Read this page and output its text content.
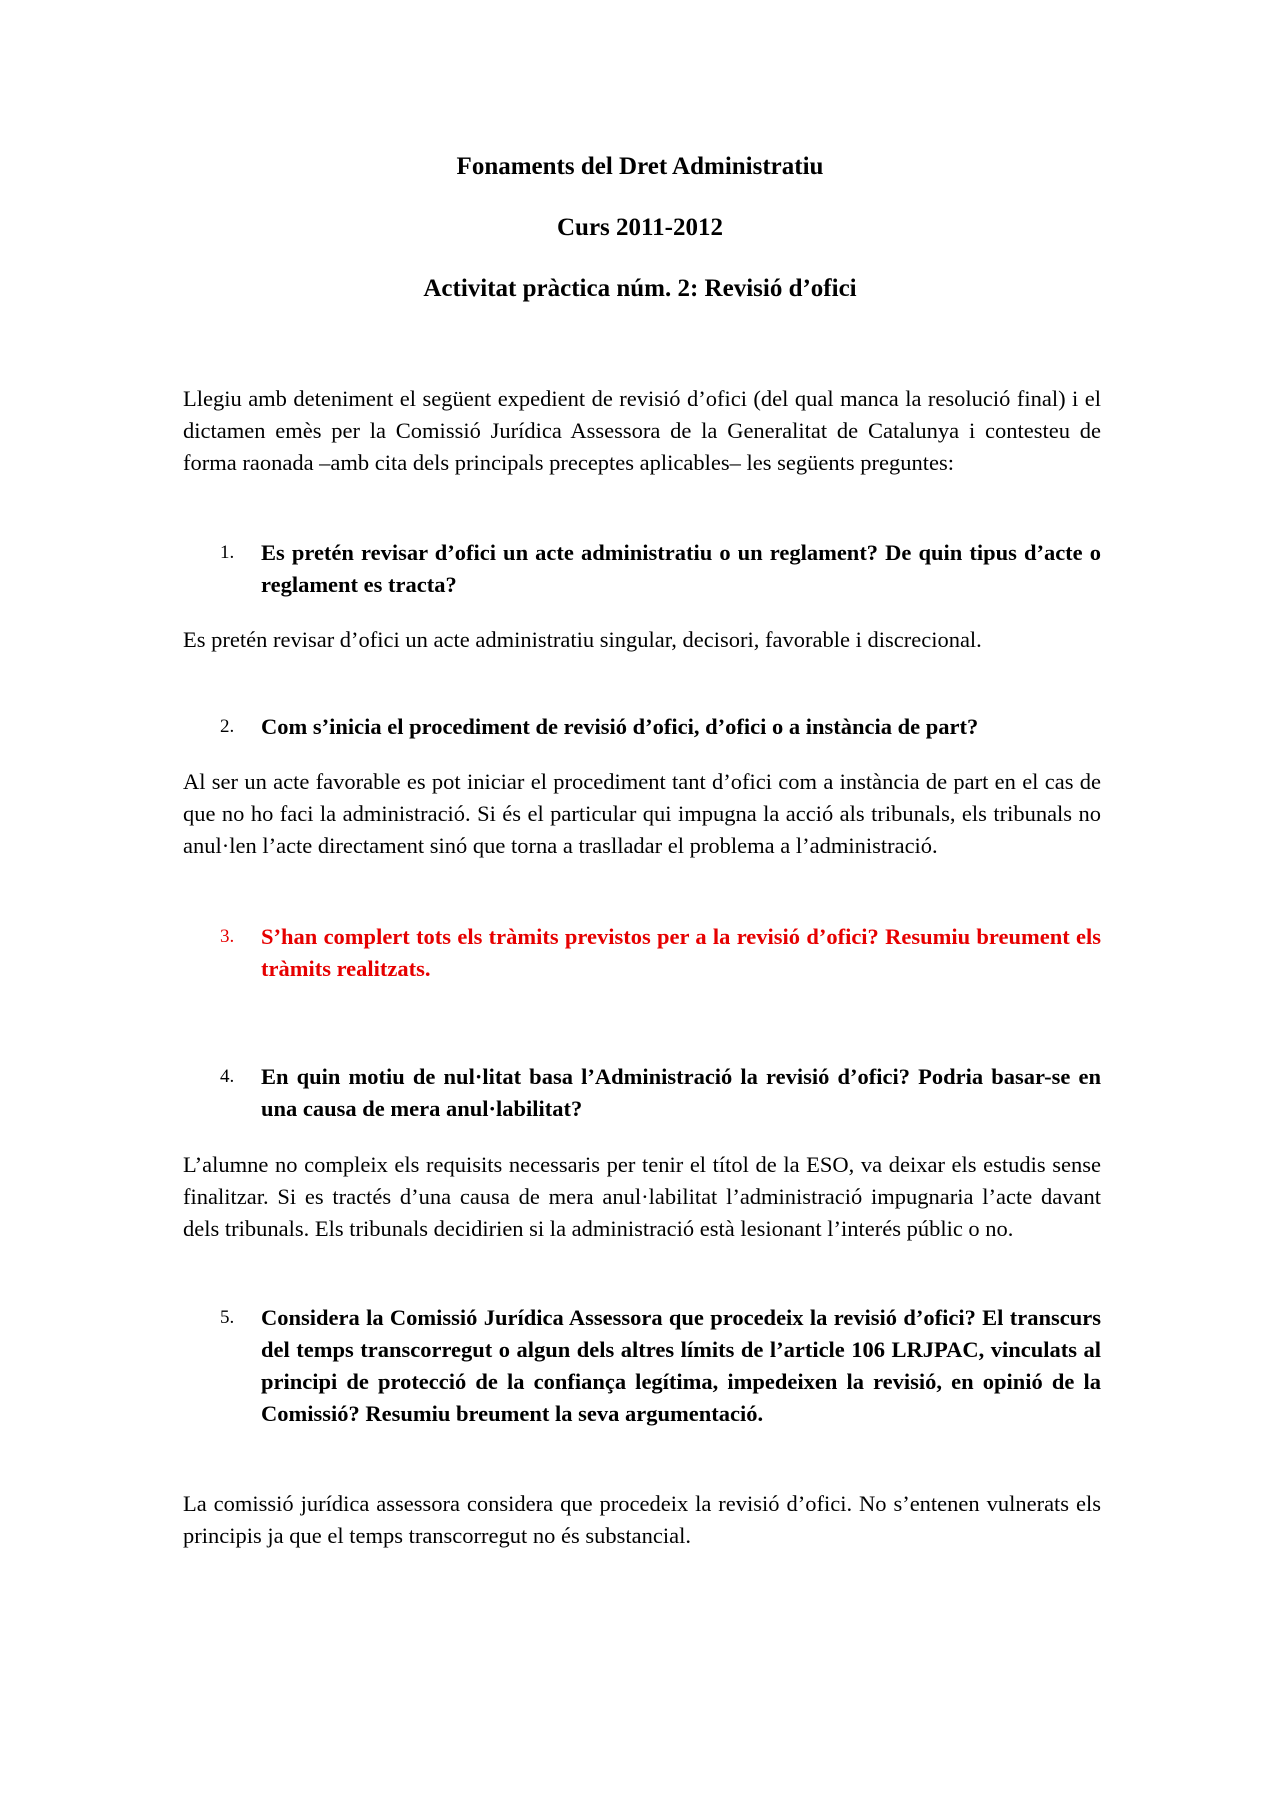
Fonaments del Dret Administratiu
Curs 2011-2012
Activitat pràctica núm. 2: Revisió d’ofici
Llegiu amb deteniment el següent expedient de revisió d’ofici (del qual manca la resolució final) i el dictamen emès per la Comissió Jurídica Assessora de la Generalitat de Catalunya i contesteu de forma raonada –amb cita dels principals preceptes aplicables– les següents preguntes:
1.	Es pretén revisar d’ofici un acte administratiu o un reglament? De quin tipus d’acte o reglament es tracta?
Es pretén revisar d’ofici un acte administratiu singular, decisori, favorable i discrecional.
2.	Com s’inicia el procediment de revisió d’ofici, d’ofici o a instància de part?
Al ser un acte favorable es pot iniciar el procediment tant d’ofici com a instància de part en el cas de que no ho faci la administració. Si és el particular qui impugna la acció als tribunals, els tribunals no anul·len l’acte directament sinó que torna a traslladar el problema a l’administració.
3.	S’han complert tots els tràmits previstos per a la revisió d’ofici? Resumiu breument els tràmits realitzats.
4.	En quin motiu de nul·litat basa l’Administració la revisió d’ofici? Podria basar-se en una causa de mera anul·labilitat?
L’alumne no compleix els requisits necessaris per tenir el títol de la ESO, va deixar els estudis sense finalitzar. Si es tractés d’una causa de mera anul·labilitat l’administració impugnaria l’acte davant dels tribunals. Els tribunals decidirien si la administració està lesionant l’interés públic o no.
5.	Considera la Comissió Jurídica Assessora que procedeix la revisió d’ofici? El transcurs del temps transcorregut o algun dels altres límits de l’article 106 LRJPAC, vinculats al principi de protecció de la confiança legítima, impedeixen la revisió, en opinió de la Comissió? Resumiu breument la seva argumentació.
La comissió jurídica assessora considera que procedeix la revisió d’ofici. No s’entenen vulnerats els principis ja que el temps transcorregut no és substancial.
